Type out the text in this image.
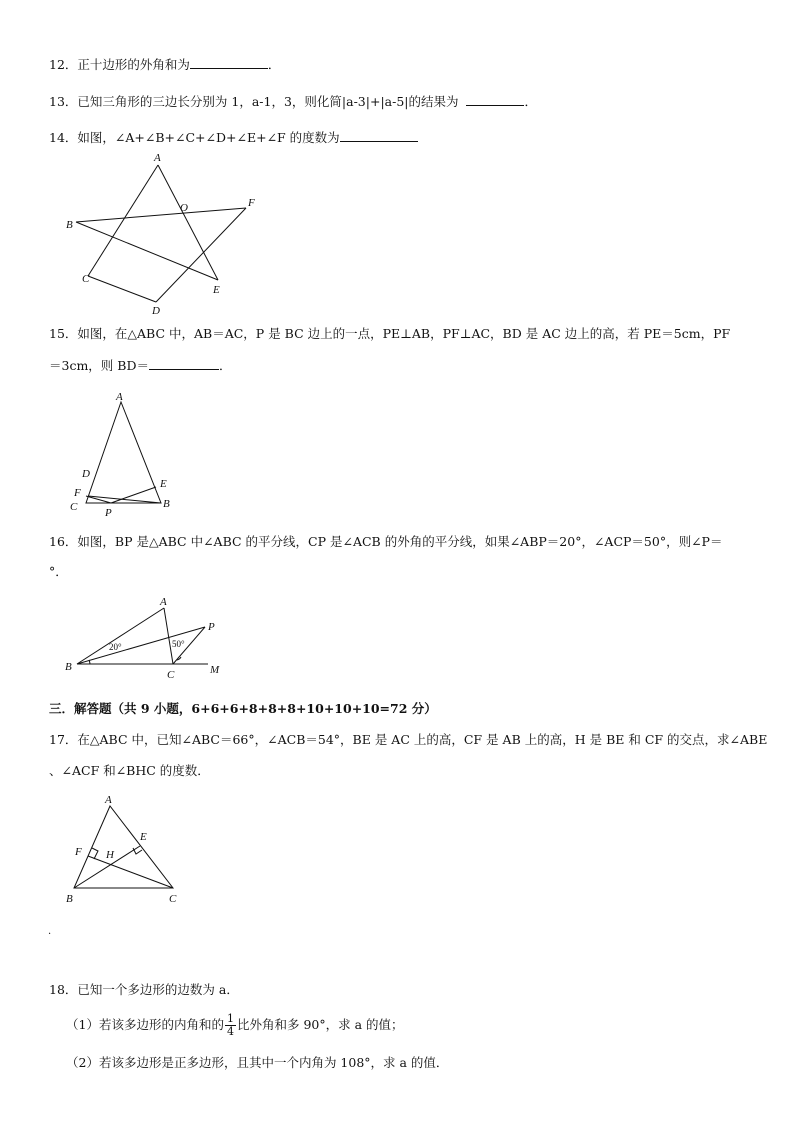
12．正十边形的外角和为	．
13．已知三角形的三边长分别为 1，a-1，3，则化简|a-3|+|a-5|的结果为	．
14．如图，∠A+∠B+∠C+∠D+∠E+∠F 的度数为
A
O	F
B
C
D
E
15．如图，在△ABC 中，AB＝AC，P 是 BC 边上的一点，PE⊥AB，PF⊥AC，BD 是 AC 边上的高，若 PE＝5cm，PF
＝3cm，则 BD＝	．
A
D
E
F
C	B
P
16．如图，BP 是△ABC 中∠ABC 的平分线，CP 是∠ACB 的外角的平分线，如果∠ABP＝20°，∠ACP＝50°，则∠P＝
°．
A
P
B
C	M
20°	50°
三．解答题（共 9 小题，6+6+6+8+8+8+10+10+10=72 分）
17．在△ABC 中，已知∠ABC＝66°，∠ACB＝54°，BE 是 AC 上的高，CF 是 AB 上的高，H 是 BE 和 CF 的交点，求∠ABE
、∠ACF 和∠BHC 的度数．
A
E
F H
B	C
.
18．已知一个多边形的边数为 a．
（1）若该多边形的内角和的 $\frac{1}{4}$ 比外角和多 90°，求 a 的值；
（2）若该多边形是正多边形，且其中一个内角为 108°，求 a 的值．
